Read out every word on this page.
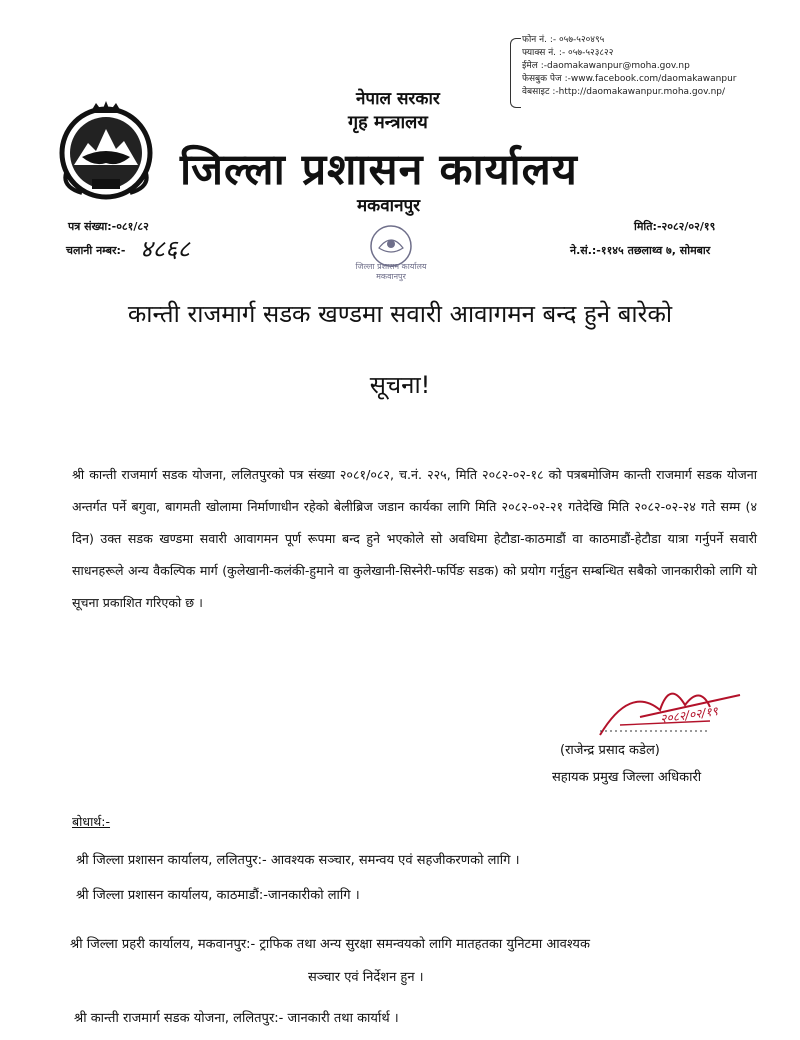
फोन नं. :- ०५७-५२०४९५
फ्याक्स नं. :- ०५७-५२३८२२
ईमेल :-daomakawanpur@moha.gov.np
फेसबुक पेज :-www.facebook.com/daomakawanpur
वेबसाइट :-http://daomakawanpur.moha.gov.np/
नेपाल सरकार
गृह मन्त्रालय
जिल्ला प्रशासन कार्यालय
मकवानपुर
पत्र संख्या:-०८१/८२
चलानी नम्बर:- ४८६८
मिति:-२०८२/०२/१९
ने.सं.:-११४५ तछलाथ्व ७, सोमबार
जिल्ला प्रशासन कार्यालय मकवानपुर
कान्ती राजमार्ग सडक खण्डमा सवारी आवागमन बन्द हुने बारेको
सूचना!
श्री कान्ती राजमार्ग सडक योजना, ललितपुरको पत्र संख्या २०८१/०८२, च.नं. २२५, मिति २०८२-०२-१८ को पत्रबमोजिम कान्ती राजमार्ग सडक योजना अन्तर्गत पर्ने बगुवा, बागमती खोलामा निर्माणाधीन रहेको बेलीब्रिज जडान कार्यका लागि मिति २०८२-०२-२१ गतेदेखि मिति २०८२-०२-२४ गते सम्म (४ दिन) उक्त सडक खण्डमा सवारी आवागमन पूर्ण रूपमा बन्द हुने भएकोले सो अवधिमा हेटौडा-काठमाडौं वा काठमाडौं-हेटौडा यात्रा गर्नुपर्ने सवारी साधनहरूले अन्य वैकल्पिक मार्ग (कुलेखानी-कलंकी-हुमाने वा कुलेखानी-सिस्नेरी-फर्पिङ सडक) को प्रयोग गर्नुहुन सम्बन्धित सबैको जानकारीको लागि यो सूचना प्रकाशित गरिएको छ ।
२०८२/०२/१९
(राजेन्द्र प्रसाद कडेल)
सहायक प्रमुख जिल्ला अधिकारी
बोधार्थ:-
श्री जिल्ला प्रशासन कार्यालय, ललितपुर:- आवश्यक सञ्चार, समन्वय एवं सहजीकरणको लागि ।
श्री जिल्ला प्रशासन कार्यालय, काठमाडौं:-जानकारीको लागि ।
श्री जिल्ला प्रहरी कार्यालय, मकवानपुर:- ट्राफिक तथा अन्य सुरक्षा समन्वयको लागि मातहतका युनिटमा आवश्यक
सञ्चार एवं निर्देशन हुन ।
श्री कान्ती राजमार्ग सडक योजना, ललितपुर:- जानकारी तथा कार्यार्थ ।
